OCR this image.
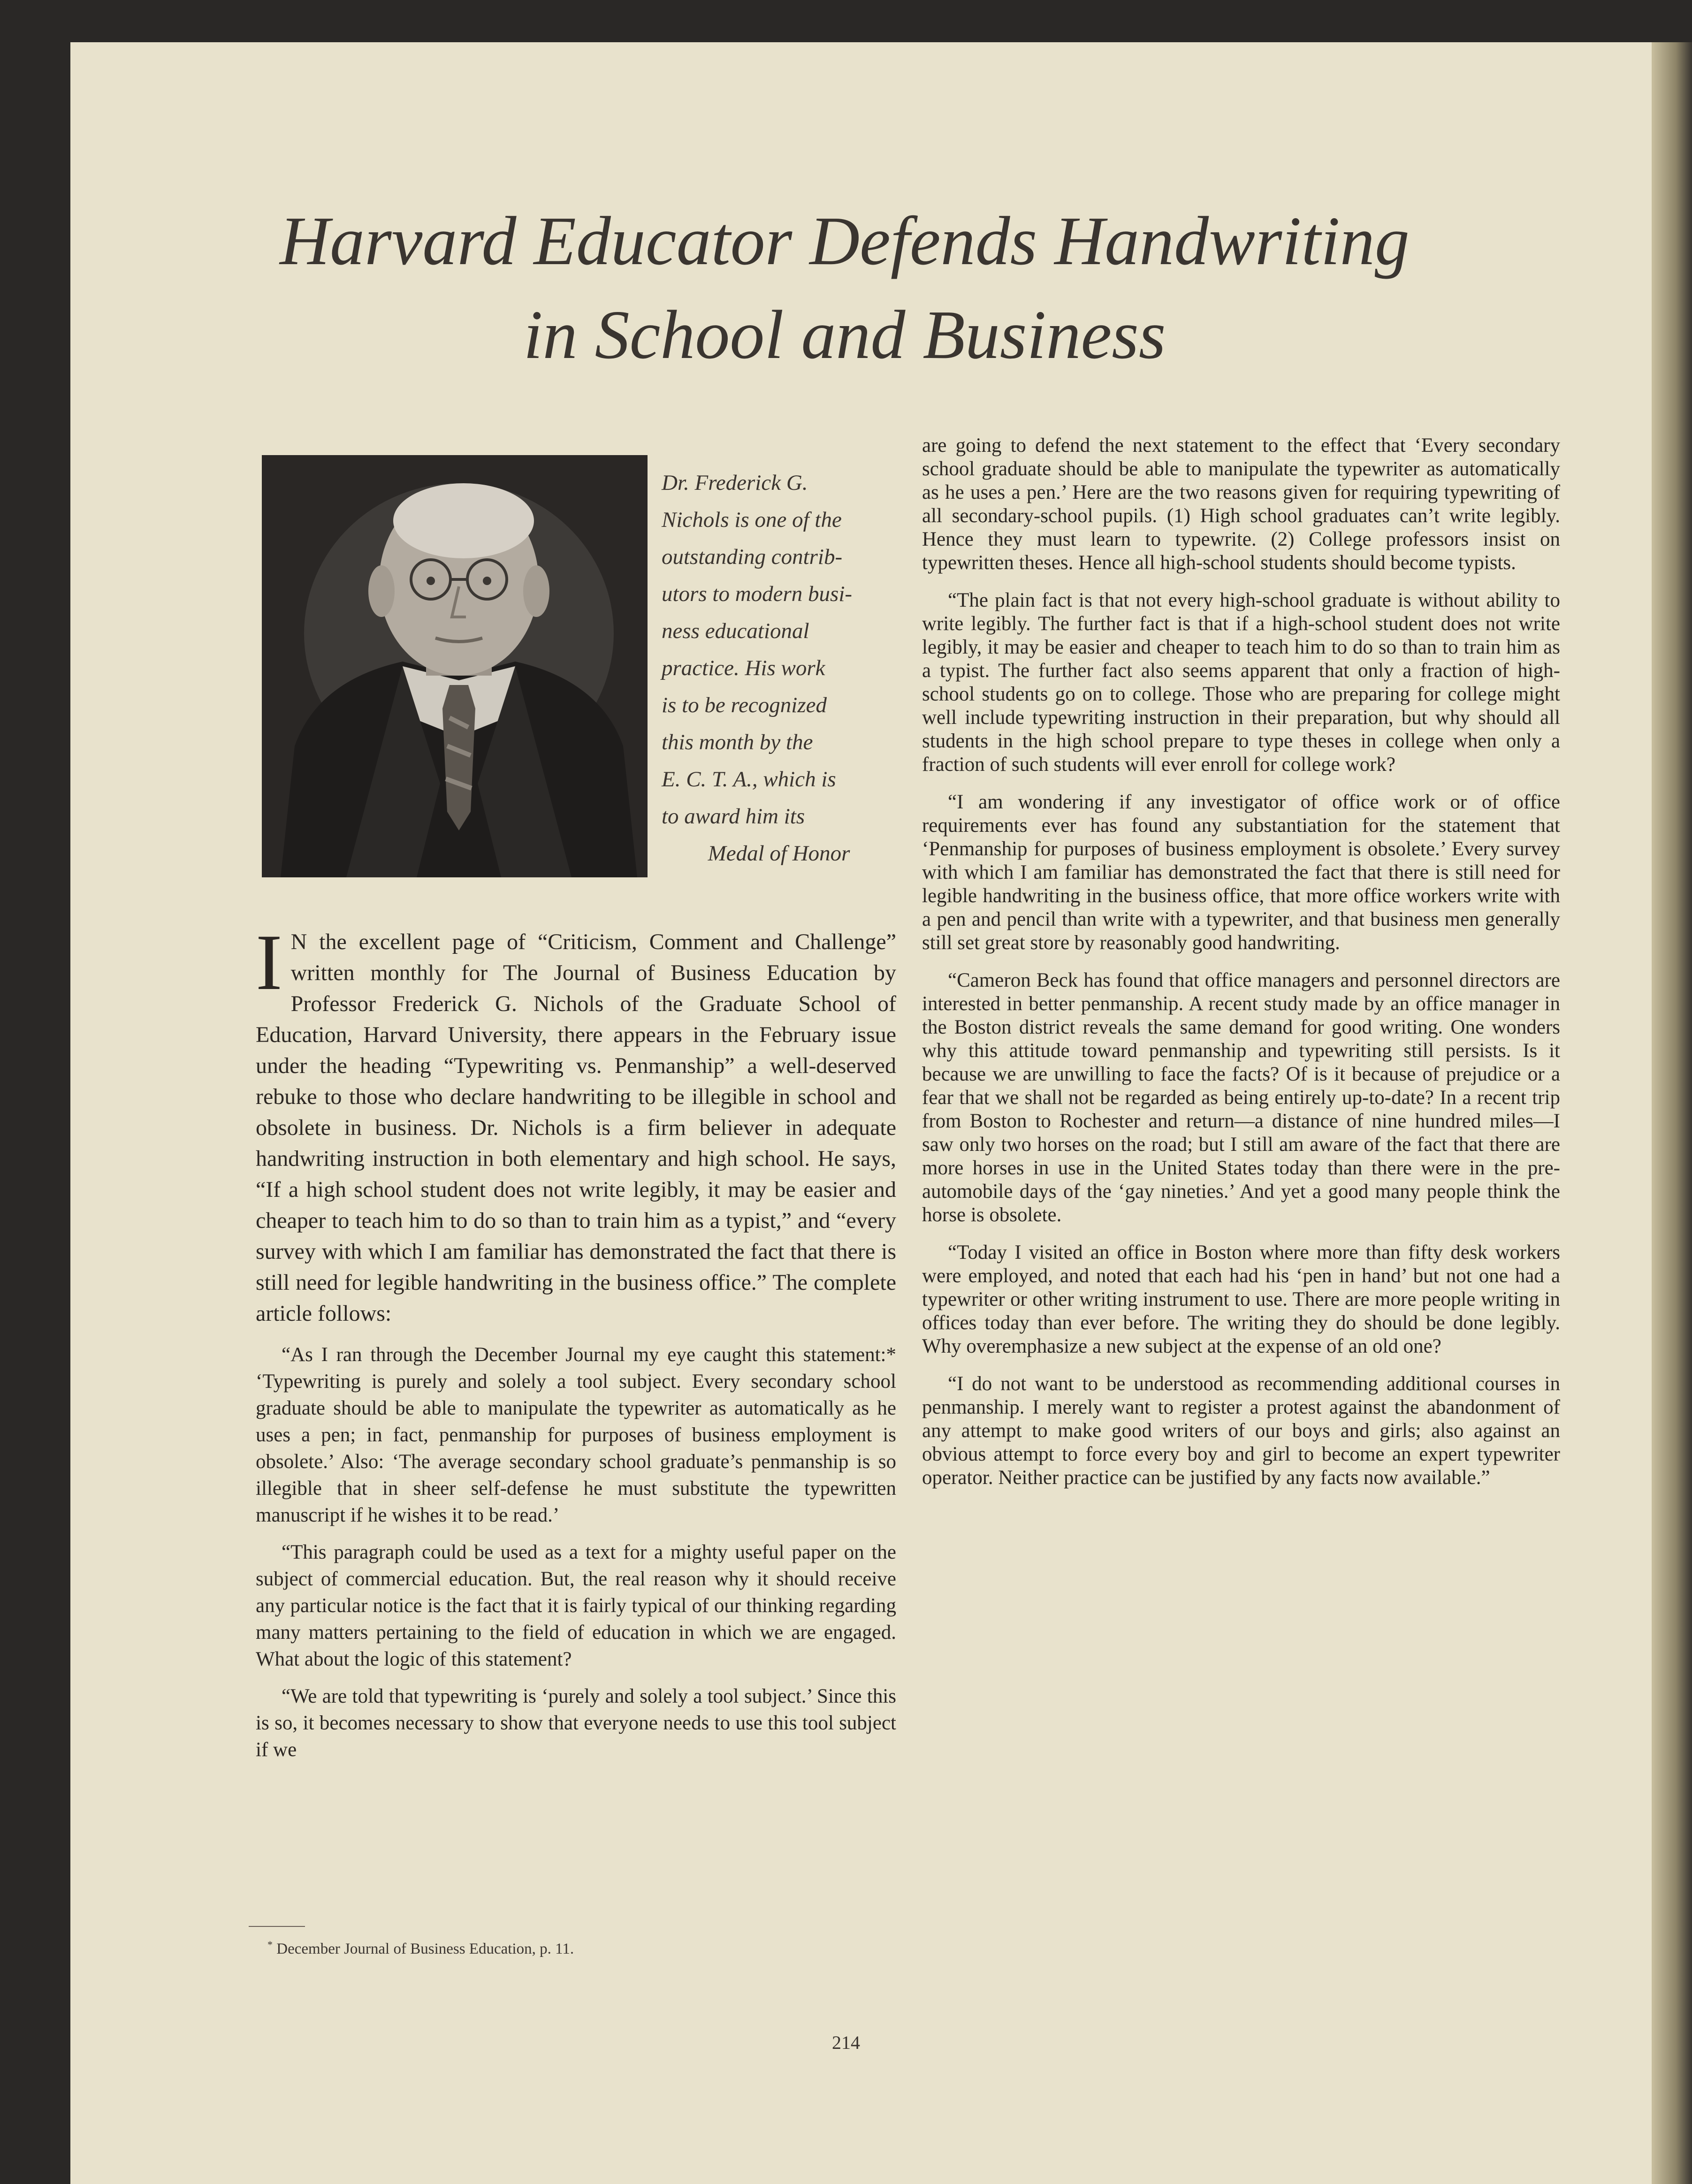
Harvard Educator Defends Handwriting
in School and Business

Dr. Frederick G.

Nichols is one of the

outstanding contrib-

utors to modern busi-

ness educational

practice. His work

is to be recognized

this month by the

E. C. T. A., which is

to award him its

Medal of Honor

I N the excellent page of “Criticism, Comment and Challenge” written monthly for The Journal of Business Education by Professor Frederick G. Nichols of the Graduate School of Education, Harvard University, there appears in the February issue under the heading “Typewriting vs. Penmanship” a well-deserved rebuke to those who declare handwriting to be illegible in school and obsolete in business. Dr. Nichols is a firm believer in adequate handwriting instruction in both elementary and high school. He says, “If a high school student does not write legibly, it may be easier and cheaper to teach him to do so than to train him as a typist,” and “every survey with which I am familiar has demonstrated the fact that there is still need for legible handwriting in the business office.” The complete article follows:

“As I ran through the December Journal my eye caught this statement:* ‘Typewriting is purely and solely a tool subject. Every secondary school graduate should be able to manipulate the typewriter as automatically as he uses a pen; in fact, penmanship for purposes of business employment is obsolete.’ Also: ‘The average secondary school graduate’s penmanship is so illegible that in sheer self-defense he must substitute the typewritten manuscript if he wishes it to be read.’

“This paragraph could be used as a text for a mighty useful paper on the subject of commercial education. But, the real reason why it should receive any particular notice is the fact that it is fairly typical of our thinking regarding many matters pertaining to the field of education in which we are engaged. What about the logic of this statement?

“We are told that typewriting is ‘purely and solely a tool subject.’ Since this is so, it becomes necessary to show that everyone needs to use this tool subject if we

are going to defend the next statement to the effect that ‘Every secondary school graduate should be able to manipulate the typewriter as automatically as he uses a pen.’ Here are the two reasons given for requiring typewriting of all secondary-school pupils. (1) High school graduates can’t write legibly. Hence they must learn to typewrite. (2) College professors insist on typewritten theses. Hence all high-school students should become typists.

“The plain fact is that not every high-school graduate is without ability to write legibly. The further fact is that if a high-school student does not write legibly, it may be easier and cheaper to teach him to do so than to train him as a typist. The further fact also seems apparent that only a fraction of high-school students go on to college. Those who are preparing for college might well include typewriting instruction in their preparation, but why should all students in the high school prepare to type theses in college when only a fraction of such students will ever enroll for college work?

“I am wondering if any investigator of office work or of office requirements ever has found any substantiation for the statement that ‘Penmanship for purposes of business employment is obsolete.’ Every survey with which I am familiar has demonstrated the fact that there is still need for legible handwriting in the business office, that more office workers write with a pen and pencil than write with a typewriter, and that business men generally still set great store by reasonably good handwriting.

“Cameron Beck has found that office managers and personnel directors are interested in better penmanship. A recent study made by an office manager in the Boston district reveals the same demand for good writing. One wonders why this attitude toward penmanship and typewriting still persists. Is it because we are unwilling to face the facts? Of is it because of prejudice or a fear that we shall not be regarded as being entirely up-to-date? In a recent trip from Boston to Rochester and return—a distance of nine hundred miles—I saw only two horses on the road; but I still am aware of the fact that there are more horses in use in the United States today than there were in the pre-automobile days of the ‘gay nineties.’ And yet a good many people think the horse is obsolete.

“Today I visited an office in Boston where more than fifty desk workers were employed, and noted that each had his ‘pen in hand’ but not one had a typewriter or other writing instrument to use. There are more people writing in offices today than ever before. The writing they do should be done legibly. Why overemphasize a new subject at the expense of an old one?

“I do not want to be understood as recommending additional courses in penmanship. I merely want to register a protest against the abandonment of any attempt to make good writers of our boys and girls; also against an obvious attempt to force every boy and girl to become an expert typewriter operator. Neither practice can be justified by any facts now available.”

* December Journal of Business Education, p. 11.
214
